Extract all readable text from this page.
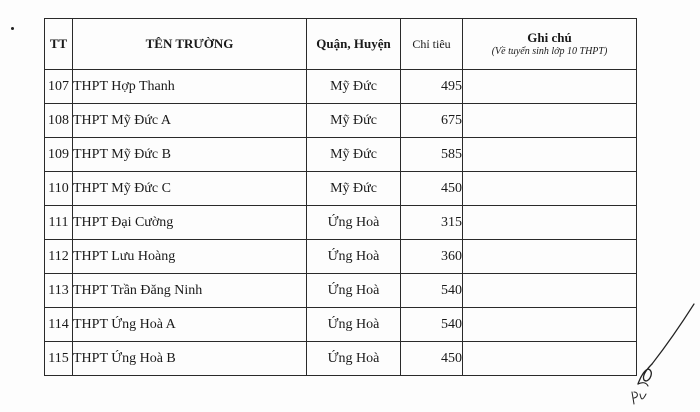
TT	TÊN TRƯỜNG	Quận, Huyện	Chỉ tiêu	Ghi chú
(Về tuyển sinh lớp 10 THPT)

107	THPT Hợp Thanh	Mỹ Đức	495	
108	THPT Mỹ Đức A	Mỹ Đức	675	
109	THPT Mỹ Đức B	Mỹ Đức	585	
110	THPT Mỹ Đức C	Mỹ Đức	450	
111	THPT Đại Cường	Ứng Hoà	315	
112	THPT Lưu Hoàng	Ứng Hoà	360	
113	THPT Trần Đăng Ninh	Ứng Hoà	540	
114	THPT Ứng Hoà A	Ứng Hoà	540	
115	THPT Ứng Hoà B	Ứng Hoà	450	
